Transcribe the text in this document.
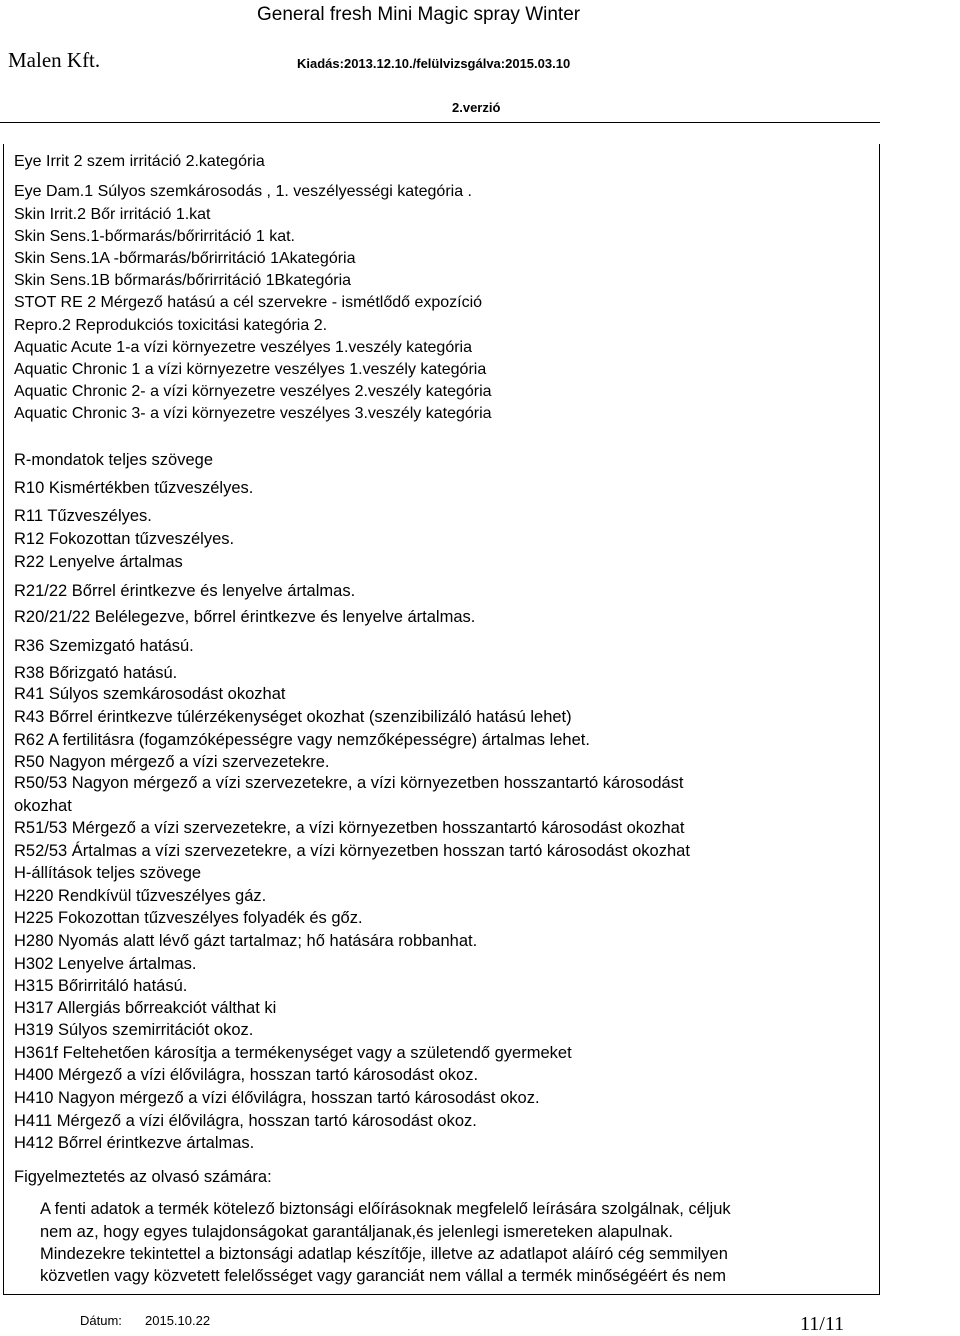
General fresh Mini Magic spray Winter
Malen Kft.	Kiadás:2013.12.10./felülvizsgálva:2015.03.10
2.verzió
Eye Irrit 2 szem irritáció 2.kategória
Eye Dam.1 Súlyos szemkárosodás , 1. veszélyességi kategória .
Skin Irrit.2 Bőr irritáció 1.kat
Skin Sens.1-bőrmarás/bőrirritáció 1 kat.
Skin Sens.1A -bőrmarás/bőrirritáció 1Akategória
Skin Sens.1B bőrmarás/bőrirritáció 1Bkategória
STOT RE 2 Mérgező hatású a cél szervekre - ismétlődő expozíció
Repro.2 Reprodukciós toxicitási kategória 2.
Aquatic Acute 1-a vízi környezetre veszélyes 1.veszély kategória
Aquatic Chronic 1 a vízi környezetre veszélyes 1.veszély kategória
Aquatic Chronic 2- a vízi környezetre veszélyes 2.veszély kategória
Aquatic Chronic 3- a vízi környezetre veszélyes 3.veszély kategória
R-mondatok teljes szövege
R10 Kismértékben tűzveszélyes.
R11 Tűzveszélyes.
R12 Fokozottan tűzveszélyes.
R22 Lenyelve ártalmas
R21/22 Bőrrel érintkezve és lenyelve ártalmas.
R20/21/22 Belélegezve, bőrrel érintkezve és lenyelve ártalmas.
R36 Szemizgató hatású.
R38 Bőrizgató hatású.
R41 Súlyos szemkárosodást okozhat
R43 Bőrrel érintkezve túlérzékenységet okozhat (szenzibilizáló hatású lehet)
R62 A fertilitásra (fogamzóképességre vagy nemzőképességre) ártalmas lehet.
R50 Nagyon mérgező a vízi szervezetekre.
R50/53 Nagyon mérgező a vízi szervezetekre, a vízi környezetben hosszantartó károsodást
okozhat
R51/53 Mérgező a vízi szervezetekre, a vízi környezetben hosszantartó károsodást okozhat
R52/53 Ártalmas a vízi szervezetekre, a vízi környezetben hosszan tartó károsodást okozhat
H-állítások teljes szövege
H220 Rendkívül tűzveszélyes gáz.
H225 Fokozottan tűzveszélyes folyadék és gőz.
H280 Nyomás alatt lévő gázt tartalmaz; hő hatására robbanhat.
H302 Lenyelve ártalmas.
H315 Bőrirritáló hatású.
H317 Allergiás bőrreakciót válthat ki
H319 Súlyos szemirritációt okoz.
H361f Feltehetően károsítja a termékenységet vagy a születendő gyermeket
H400 Mérgező a vízi élővilágra, hosszan tartó károsodást okoz.
H410 Nagyon mérgező a vízi élővilágra, hosszan tartó károsodást okoz.
H411 Mérgező a vízi élővilágra, hosszan tartó károsodást okoz.
H412 Bőrrel érintkezve ártalmas.
Figyelmeztetés az olvasó számára:
A fenti adatok a termék kötelező biztonsági előírásoknak megfelelő leírására szolgálnak, céljuk
nem az, hogy egyes tulajdonságokat garantáljanak,és jelenlegi ismereteken alapulnak.
Mindezekre tekintettel a biztonsági adatlap készítője, illetve az adatlapot aláíró cég semmilyen
közvetlen vagy közvetett felelősséget vagy garanciát nem vállal a termék minőségéért és nem
Dátum: 2015.10.22	11/11
